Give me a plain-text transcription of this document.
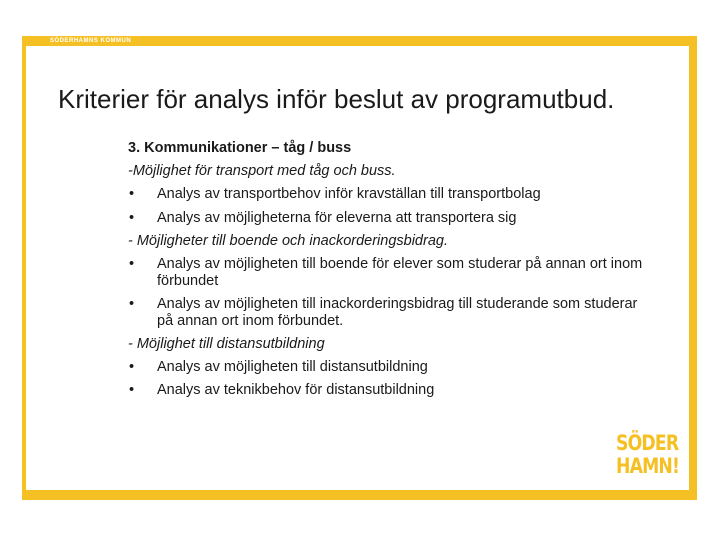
SÖDERHAMNS KOMMUN
Kriterier för analys inför beslut av programutbud.
3. Kommunikationer – tåg / buss
-Möjlighet för transport med tåg och buss.
•	Analys av transportbehov inför kravställan till transportbolag
•	Analys av möjligheterna för eleverna att transportera sig
- Möjligheter till boende och inackorderingsbidrag.
•	Analys av möjligheten till boende för elever som studerar på annan ort inom förbundet
•	Analys av möjligheten till inackorderingsbidrag till studerande som studerar på annan ort inom förbundet.
- Möjlighet till distansutbildning
•	Analys av möjligheten till distansutbildning
•	Analys av teknikbehov för distansutbildning
SÖDER
HAMN!
